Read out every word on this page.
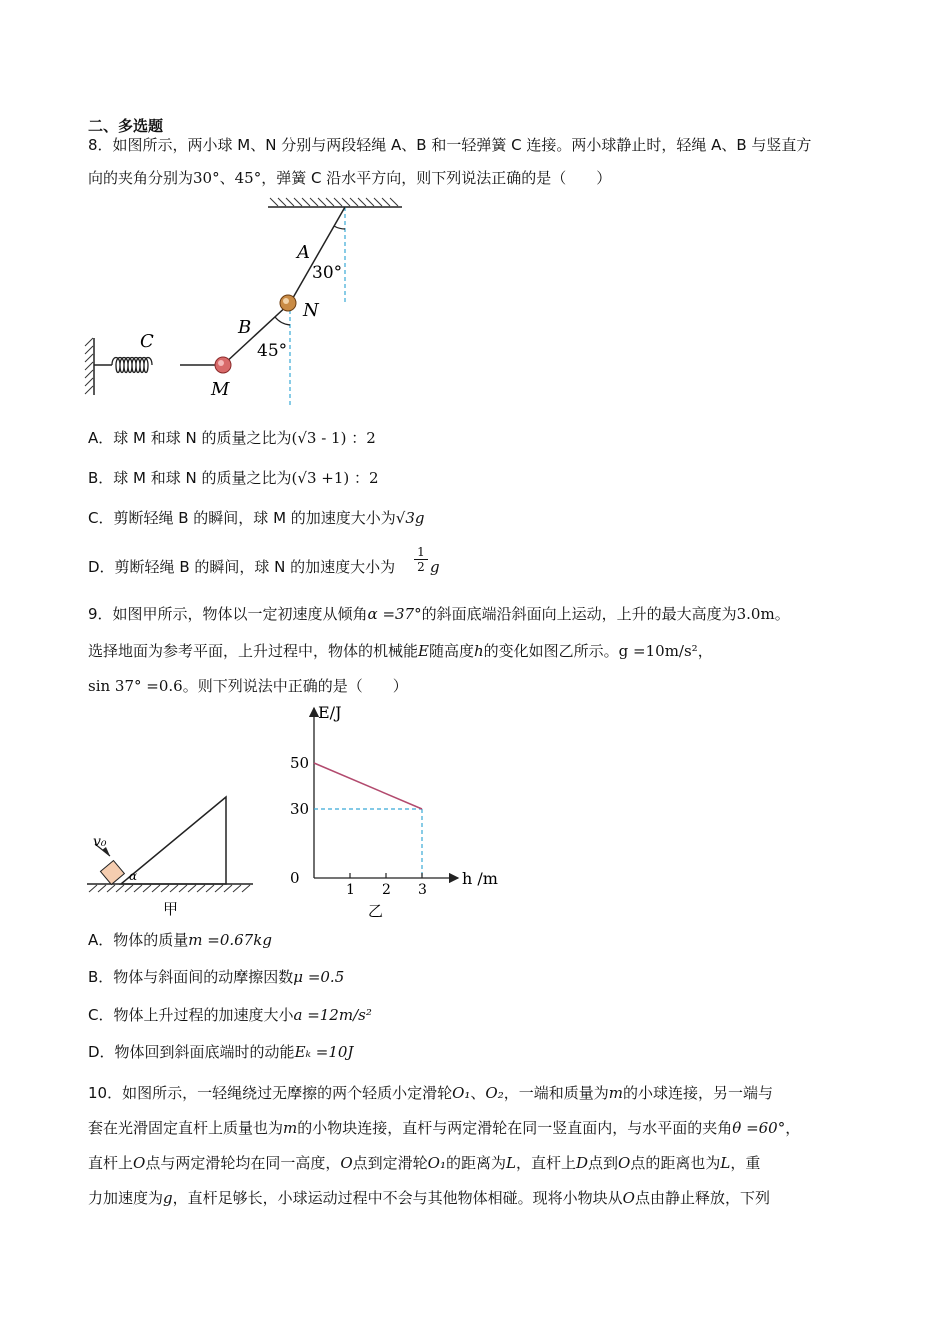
二、多选题
8．如图所示，两小球 M、N 分别与两段轻绳 A、B 和一轻弹簧 C 连接。两小球静止时，轻绳 A、B 与竖直方
向的夹角分别为30°、45°，弹簧 C 沿水平方向，则下列说法正确的是（　　）
A
30°
N
B
45°
C
M
A．球 M 和球 N 的质量之比为(√3 - 1) ：2
B．球 M 和球 N 的质量之比为(√3 +1) ：2
C．剪断轻绳 B 的瞬间，球 M 的加速度大小为√3g
D．剪断轻绳 B 的瞬间，球 N 的加速度大小为
1
2 g
9．如图甲所示，物体以一定初速度从倾角α =37°的斜面底端沿斜面向上运动，上升的最大高度为3.0m。
选择地面为参考平面，上升过程中，物体的机械能E随高度h的变化如图乙所示。g =10m/s²，
sin 37° =0.6。则下列说法中正确的是（　　）
v₀
α
甲
1 2 3
0
30
50
E/J
h /m
乙
A．物体的质量m =0.67kg
B．物体与斜面间的动摩擦因数μ =0.5
C．物体上升过程的加速度大小a =12m/s²
D．物体回到斜面底端时的动能Eₖ =10J
10．如图所示，一轻绳绕过无摩擦的两个轻质小定滑轮O₁、O₂，一端和质量为m的小球连接，另一端与
套在光滑固定直杆上质量也为m的小物块连接，直杆与两定滑轮在同一竖直面内，与水平面的夹角θ =60°，
直杆上O点与两定滑轮均在同一高度，O点到定滑轮O₁的距离为L，直杆上D点到O点的距离也为L，重
力加速度为g，直杆足够长，小球运动过程中不会与其他物体相碰。现将小物块从O点由静止释放，下列
